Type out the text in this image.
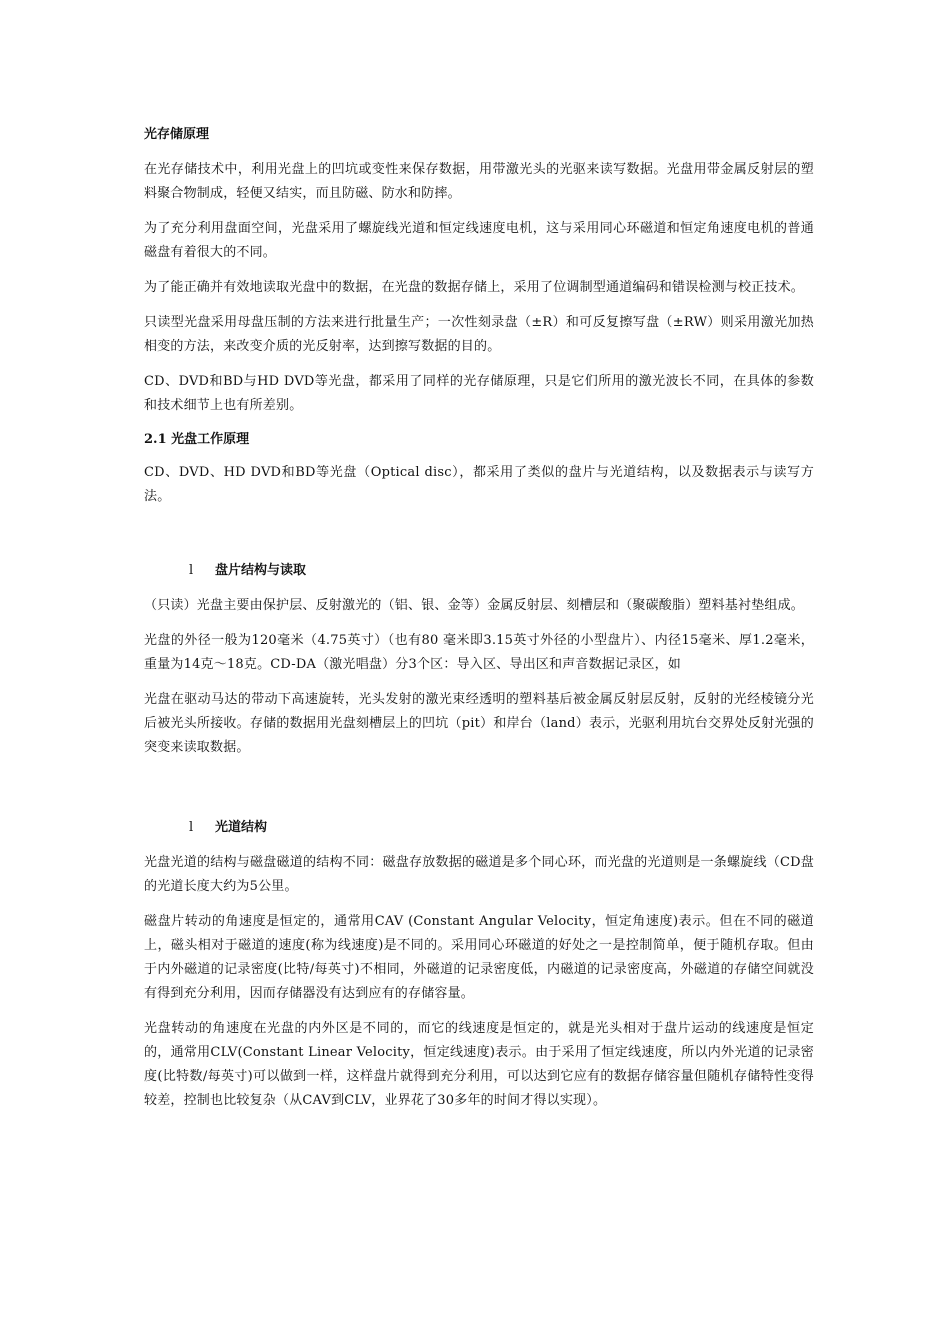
光存储原理

在光存储技术中，利用光盘上的凹坑或变性来保存数据，用带激光头的光驱来读写数据。光盘用带金属反射层的塑料聚合物制成，轻便又结实，而且防磁、防水和防摔。

为了充分利用盘面空间，光盘采用了螺旋线光道和恒定线速度电机，这与采用同心环磁道和恒定角速度电机的普通磁盘有着很大的不同。

为了能正确并有效地读取光盘中的数据，在光盘的数据存储上，采用了位调制型通道编码和错误检测与校正技术。

只读型光盘采用母盘压制的方法来进行批量生产；一次性刻录盘（±R）和可反复擦写盘（±RW）则采用激光加热相变的方法，来改变介质的光反射率，达到擦写数据的目的。

CD、DVD和BD与HD DVD等光盘，都采用了同样的光存储原理，只是它们所用的激光波长不同，在具体的参数和技术细节上也有所差别。

2.1 光盘工作原理

CD、DVD、HD DVD和BD等光盘（Optical disc），都采用了类似的盘片与光道结构，以及数据表示与读写方法。

l 盘片结构与读取

（只读）光盘主要由保护层、反射激光的（铝、银、金等）金属反射层、刻槽层和（聚碳酸脂）塑料基衬垫组成。

光盘的外径一般为120毫米（4.75英寸）（也有80 毫米即3.15英寸外径的小型盘片）、内径15毫米、厚1.2毫米，重量为14克～18克。CD-DA（激光唱盘）分3个区：导入区、导出区和声音数据记录区，如

光盘在驱动马达的带动下高速旋转，光头发射的激光束经透明的塑料基后被金属反射层反射，反射的光经棱镜分光后被光头所接收。存储的数据用光盘刻槽层上的凹坑（pit）和岸台（land）表示，光驱利用坑台交界处反射光强的突变来读取数据。

l 光道结构

光盘光道的结构与磁盘磁道的结构不同：磁盘存放数据的磁道是多个同心环，而光盘的光道则是一条螺旋线（CD盘的光道长度大约为5公里。

磁盘片转动的角速度是恒定的，通常用CAV (Constant Angular Velocity，恒定角速度)表示。但在不同的磁道上，磁头相对于磁道的速度(称为线速度)是不同的。采用同心环磁道的好处之一是控制简单，便于随机存取。但由于内外磁道的记录密度(比特/每英寸)不相同，外磁道的记录密度低，内磁道的记录密度高，外磁道的存储空间就没有得到充分利用，因而存储器没有达到应有的存储容量。

光盘转动的角速度在光盘的内外区是不同的，而它的线速度是恒定的，就是光头相对于盘片运动的线速度是恒定的，通常用CLV(Constant Linear Velocity，恒定线速度)表示。由于采用了恒定线速度，所以内外光道的记录密度(比特数/每英寸)可以做到一样，这样盘片就得到充分利用，可以达到它应有的数据存储容量但随机存储特性变得较差，控制也比较复杂（从CAV到CLV，业界花了30多年的时间才得以实现）。
